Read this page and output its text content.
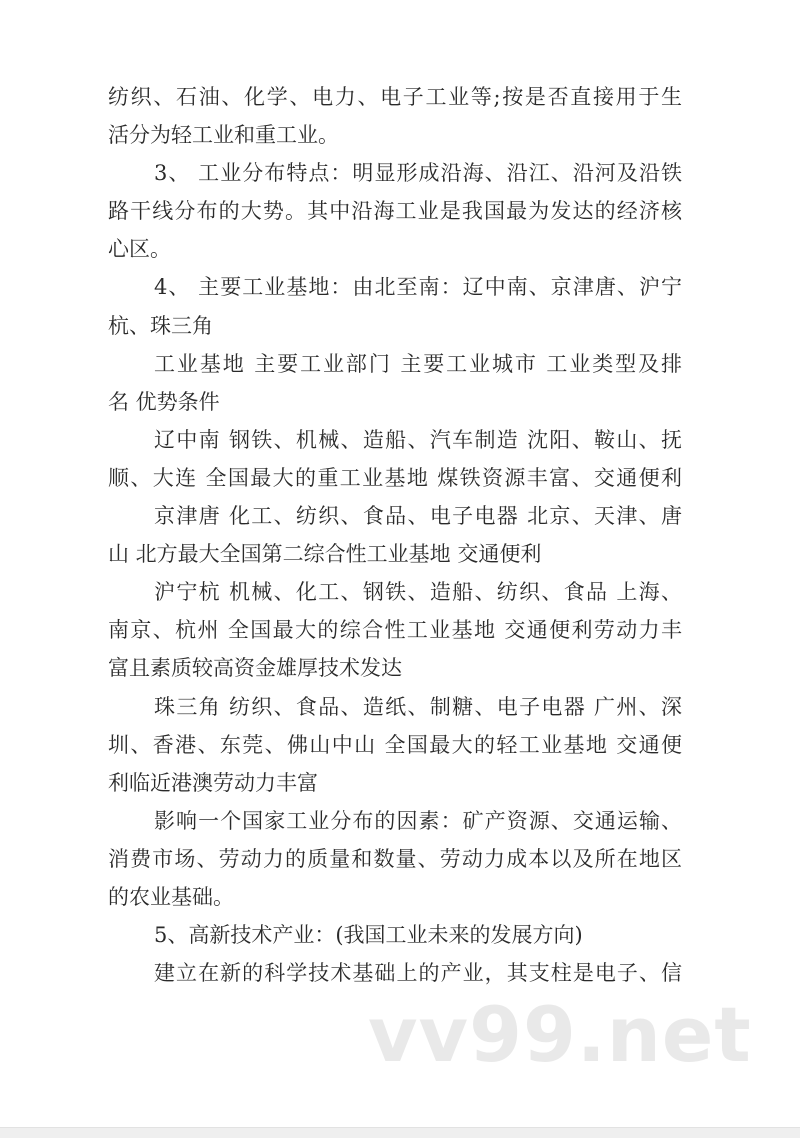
纺织、石油、化学、电力、电子工业等;按是否直接用于生
活分为轻工业和重工业。
3、 工业分布特点：明显形成沿海、沿江、沿河及沿铁
路干线分布的大势。其中沿海工业是我国最为发达的经济核
心区。
4、 主要工业基地：由北至南：辽中南、京津唐、沪宁
杭、珠三角
工业基地 主要工业部门 主要工业城市 工业类型及排
名 优势条件
辽中南 钢铁、机械、造船、汽车制造 沈阳、鞍山、抚
顺、大连 全国最大的重工业基地 煤铁资源丰富、交通便利
京津唐 化工、纺织、食品、电子电器 北京、天津、唐
山 北方最大全国第二综合性工业基地 交通便利
沪宁杭 机械、化工、钢铁、造船、纺织、食品 上海、
南京、杭州 全国最大的综合性工业基地 交通便利劳动力丰
富且素质较高资金雄厚技术发达
珠三角 纺织、食品、造纸、制糖、电子电器 广州、深
圳、香港、东莞、佛山中山 全国最大的轻工业基地 交通便
利临近港澳劳动力丰富
影响一个国家工业分布的因素：矿产资源、交通运输、
消费市场、劳动力的质量和数量、劳动力成本以及所在地区
的农业基础。
5、高新技术产业：(我国工业未来的发展方向)
建立在新的科学技术基础上的产业，其支柱是电子、信
vv99.net
